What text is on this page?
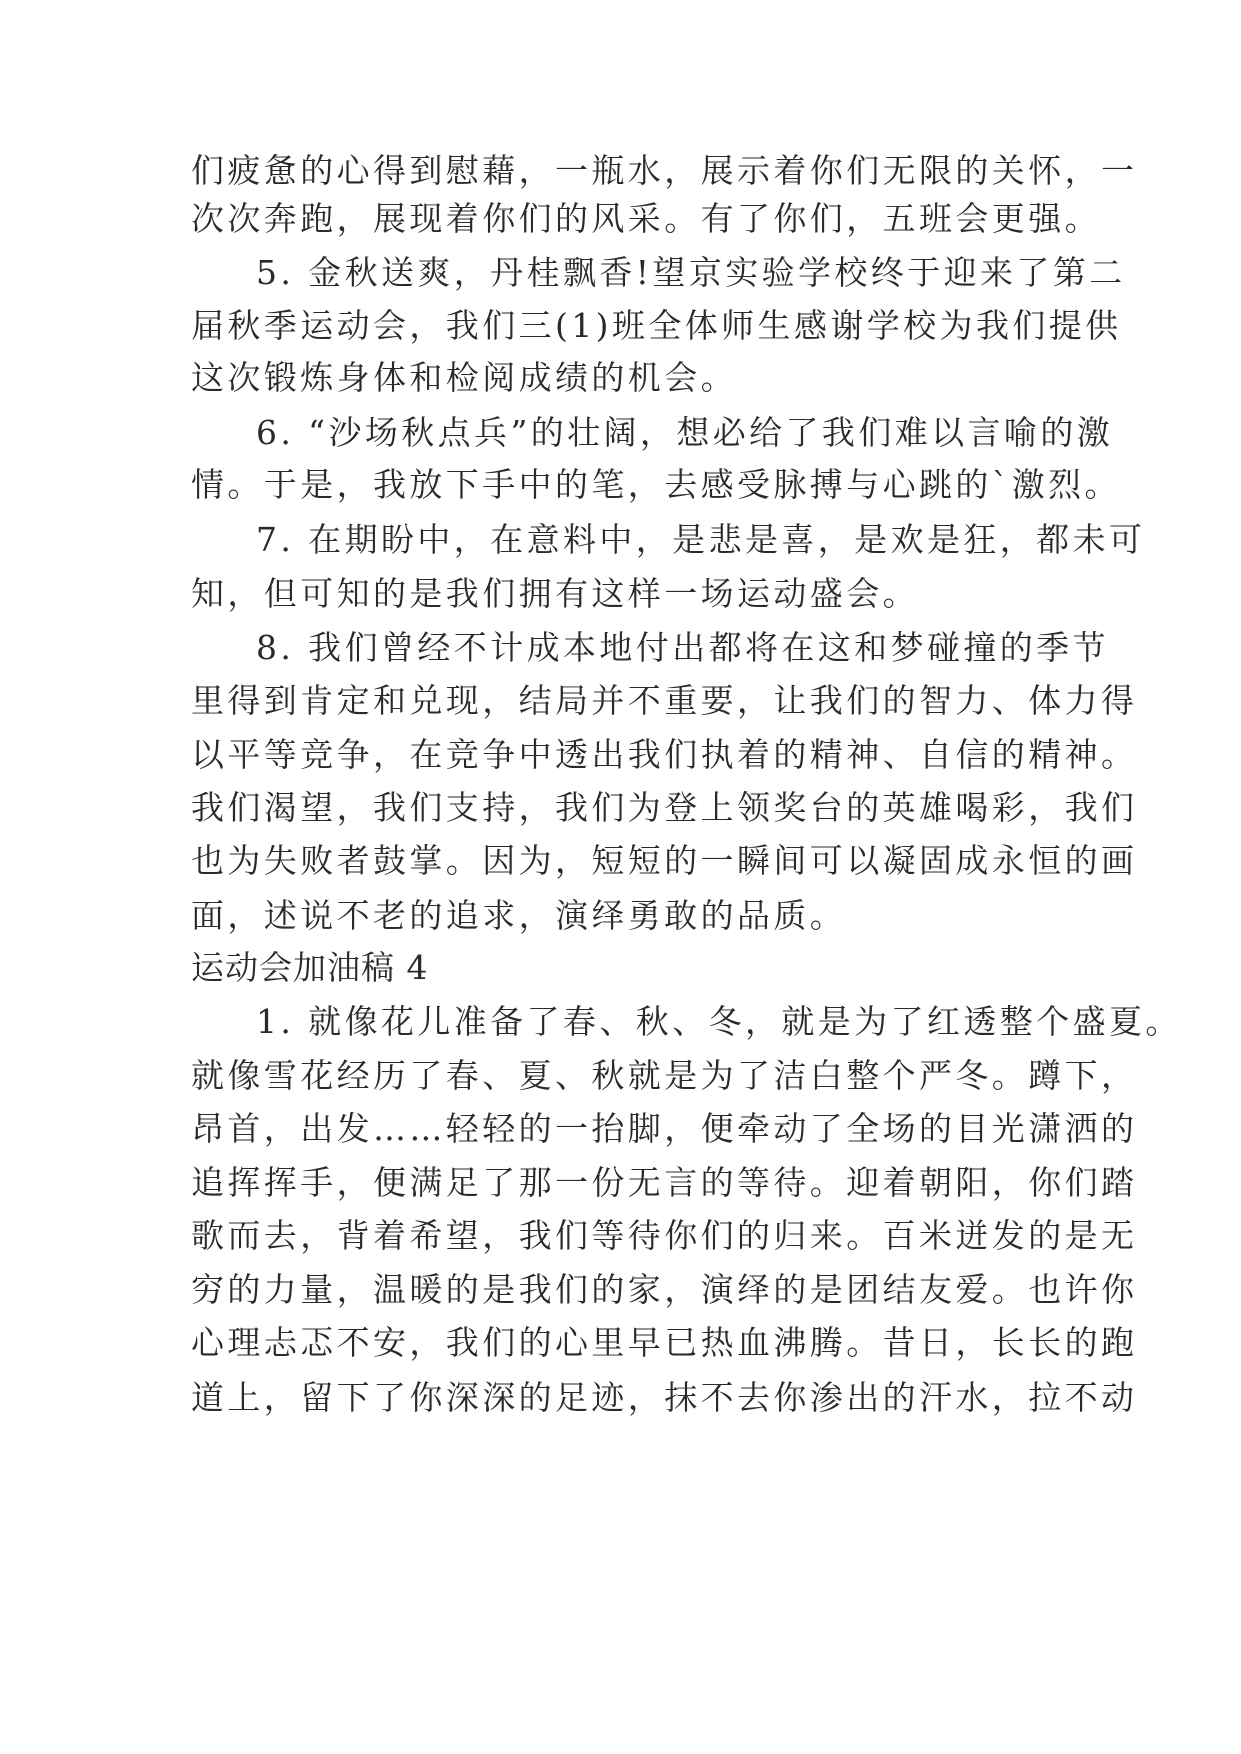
们疲惫的心得到慰藉，一瓶水，展示着你们无限的关怀，一

次次奔跑，展现着你们的风采。有了你们，五班会更强。

5. 金秋送爽，丹桂飘香!望京实验学校终于迎来了第二

届秋季运动会，我们三(1)班全体师生感谢学校为我们提供

这次锻炼身体和检阅成绩的机会。

6. “沙场秋点兵”的壮阔，想必给了我们难以言喻的激

情。于是，我放下手中的笔，去感受脉搏与心跳的`激烈。

7. 在期盼中，在意料中，是悲是喜，是欢是狂，都未可

知，但可知的是我们拥有这样一场运动盛会。

8. 我们曾经不计成本地付出都将在这和梦碰撞的季节

里得到肯定和兑现，结局并不重要，让我们的智力、体力得

以平等竞争，在竞争中透出我们执着的精神、自信的精神。

我们渴望，我们支持，我们为登上领奖台的英雄喝彩，我们

也为失败者鼓掌。因为，短短的一瞬间可以凝固成永恒的画

面，述说不老的追求，演绎勇敢的品质。

运动会加油稿 4

1. 就像花儿准备了春、秋、冬，就是为了红透整个盛夏。

就像雪花经历了春、夏、秋就是为了洁白整个严冬。蹲下，

昂首，出发……轻轻的一抬脚，便牵动了全场的目光潇洒的

追挥挥手，便满足了那一份无言的等待。迎着朝阳，你们踏

歌而去，背着希望，我们等待你们的归来。百米迸发的是无

穷的力量，温暖的是我们的家，演绎的是团结友爱。也许你

心理忐忑不安，我们的心里早已热血沸腾。昔日，长长的跑

道上，留下了你深深的足迹，抹不去你渗出的汗水，拉不动
